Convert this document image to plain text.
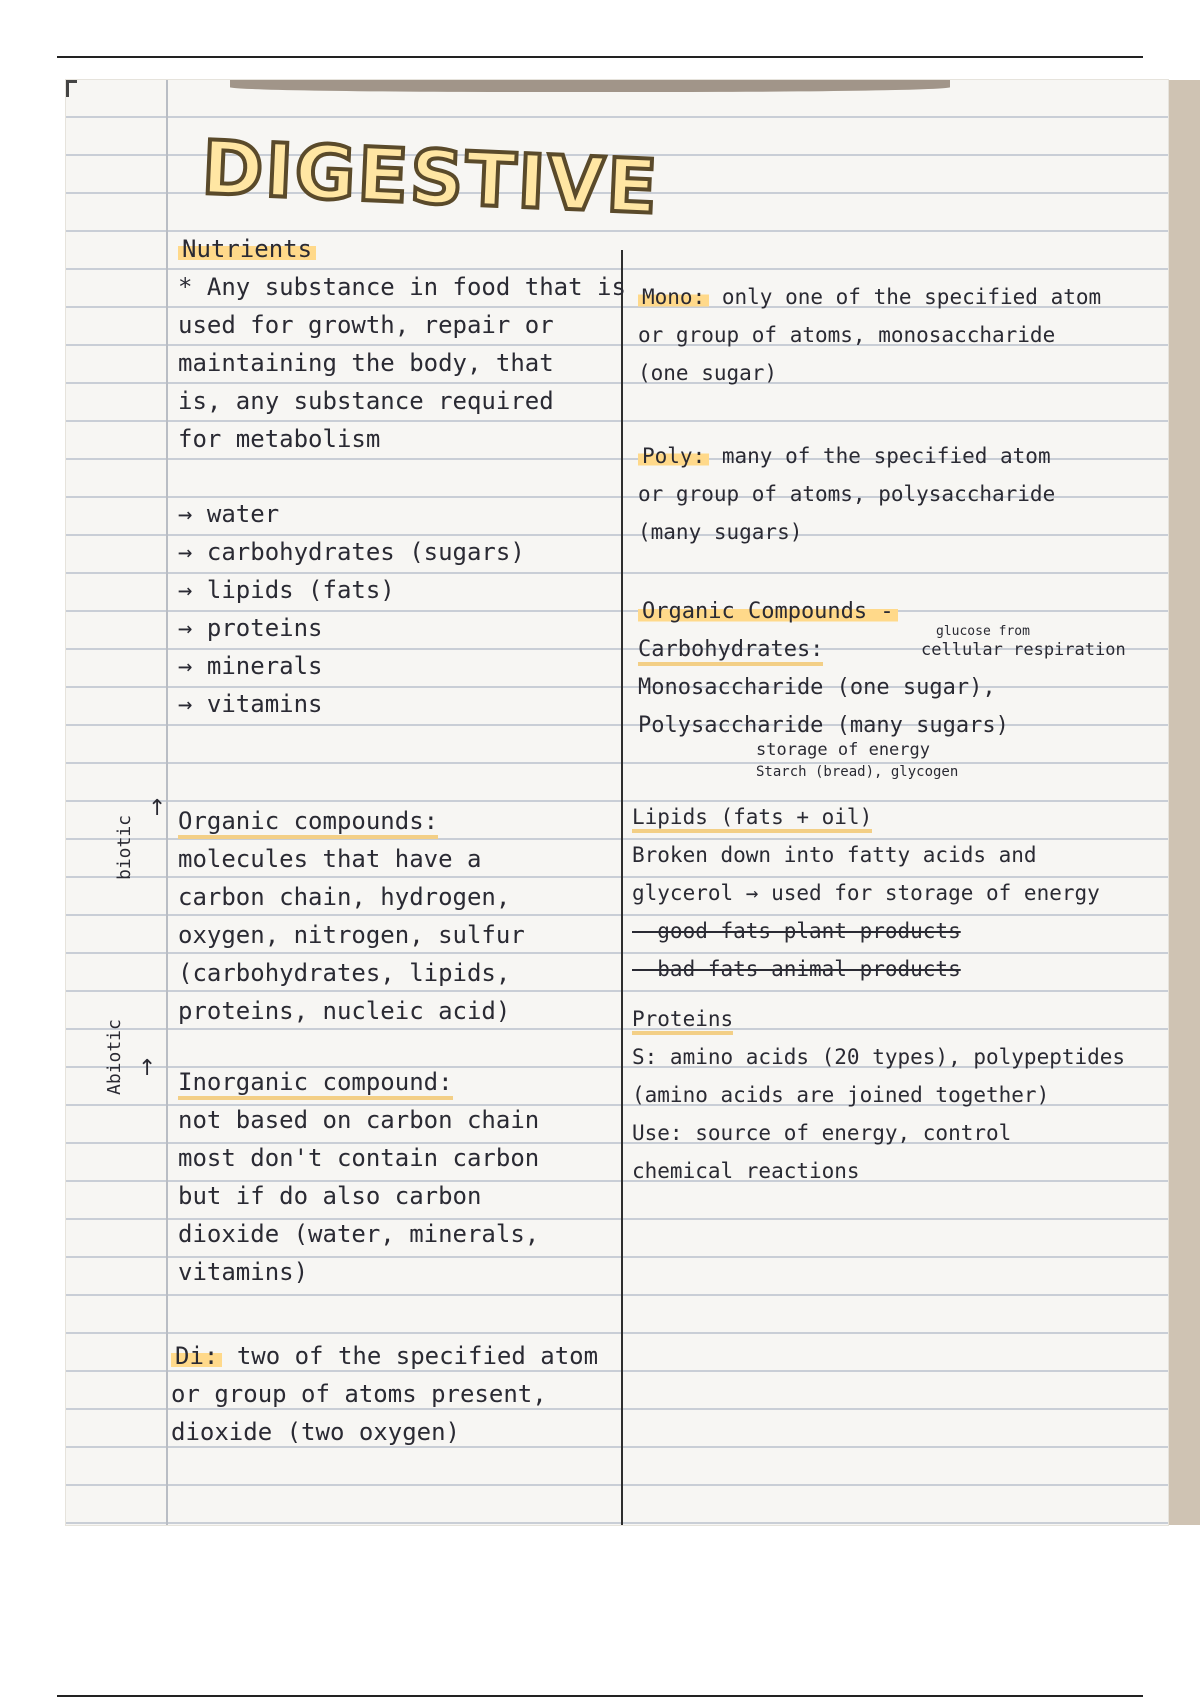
DIGESTIVE
Nutrients
* Any substance in food that is
used for growth, repair or
maintaining the body, that
is, any substance required
for metabolism
→ water
→ carbohydrates (sugars)
→ lipids (fats)
→ proteins
→ minerals
→ vitamins
biotic
↑ Organic compounds:
molecules that have a
carbon chain, hydrogen,
oxygen, nitrogen, sulfur
(carbohydrates, lipids,
proteins, nucleic acid)
Abiotic ↑ Inorganic compound:
not based on carbon chain
most don't contain carbon
but if do also carbon
dioxide (water, minerals,
vitamins)
Di: two of the specified atom
or group of atoms present,
dioxide (two oxygen)
Mono: only one of the specified atom
or group of atoms, monosaccharide
(one sugar)
Poly: many of the specified atom
or group of atoms, polysaccharide
(many sugars)
Organic Compounds -
Carbohydrates:
Monosaccharide (one sugar),
Polysaccharide (many sugars)
glucose from
cellular respiration
storage of energy
Starch (bread), glycogen
Lipids (fats + oil)
Broken down into fatty acids and
glycerol → used for storage of energy
- good fats plant products
- bad fats animal products
Proteins
S: amino acids (20 types), polypeptides
(amino acids are joined together)
Use: source of energy, control
chemical reactions
